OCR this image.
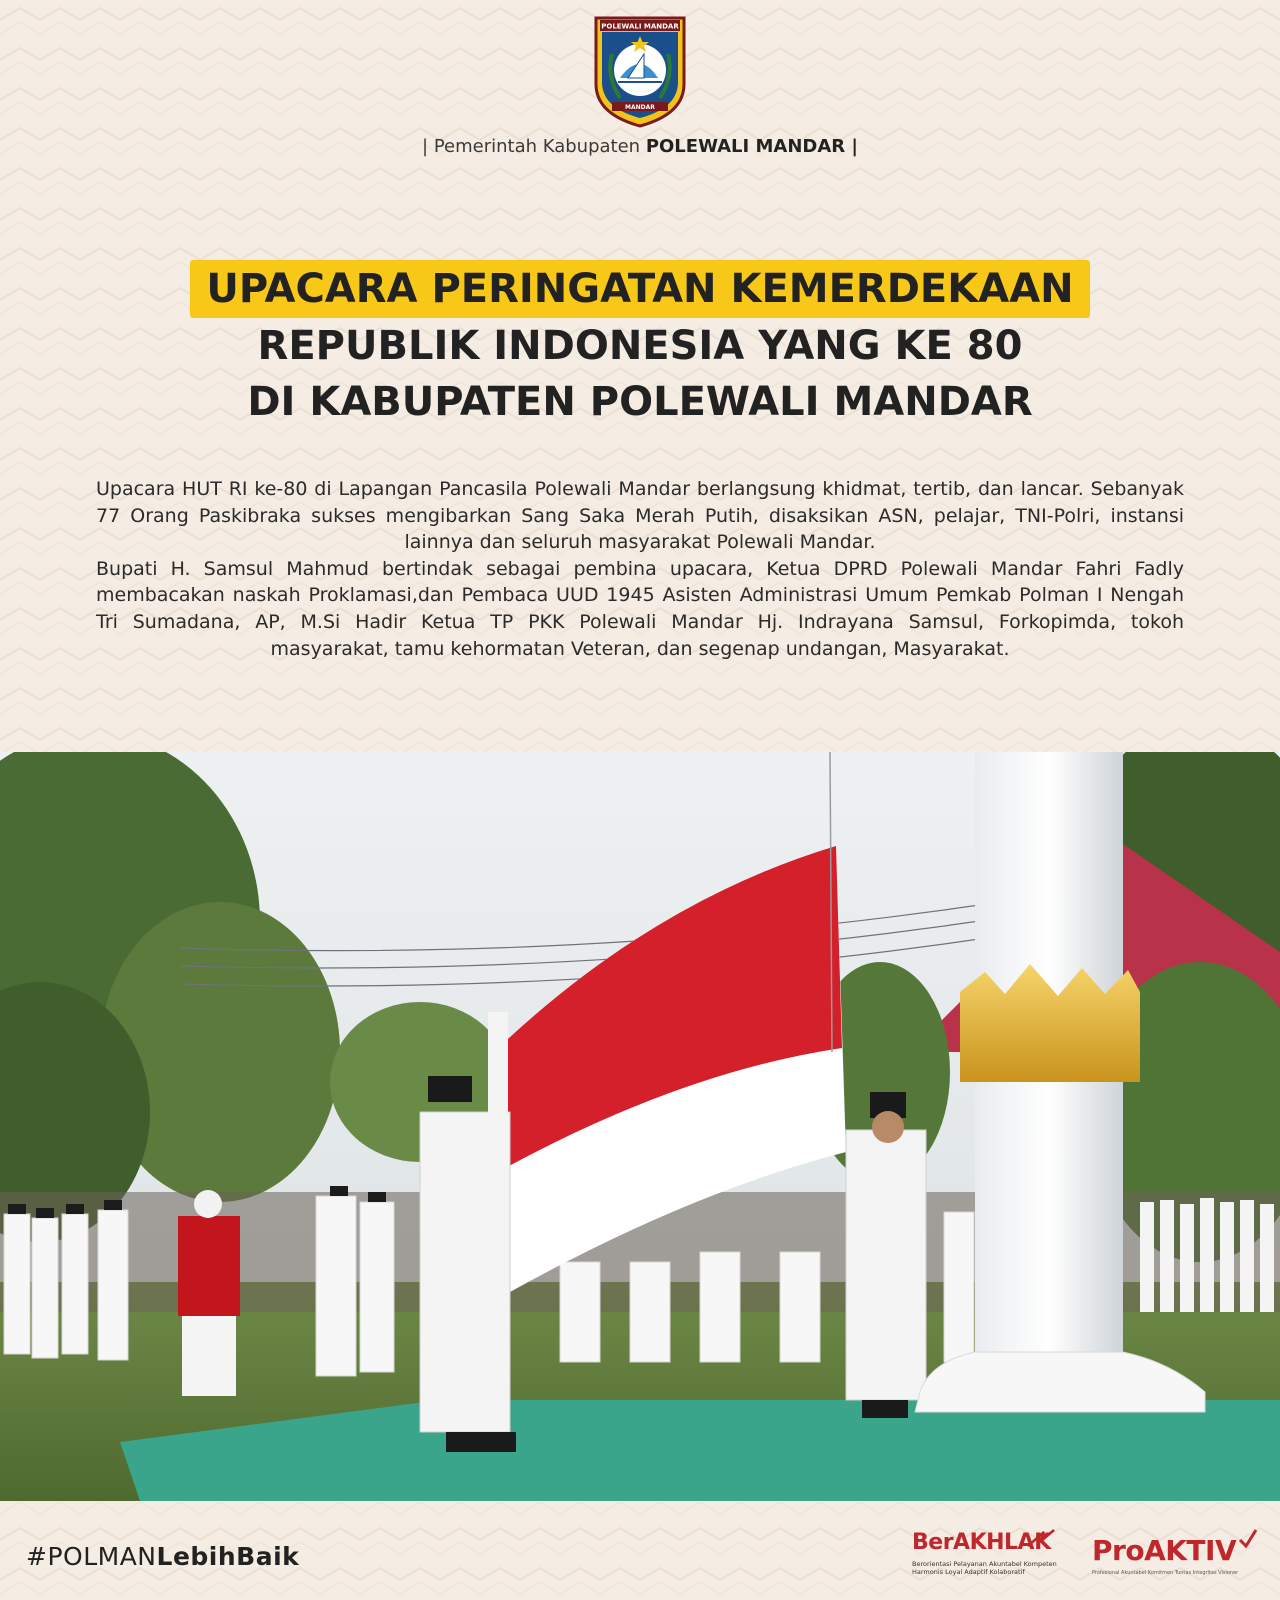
POLEWALI MANDAR
MANDAR
| Pemerintah Kabupaten POLEWALI MANDAR |
UPACARA PERINGATAN KEMERDEKAAN
REPUBLIK INDONESIA YANG KE 80
DI KABUPATEN POLEWALI MANDAR

Upacara HUT RI ke-80 di Lapangan Pancasila Polewali Mandar berlangsung khidmat, tertib, dan lancar. Sebanyak 77 Orang Paskibraka sukses mengibarkan Sang Saka Merah Putih, disaksikan ASN, pelajar, TNI-Polri, instansi lainnya dan seluruh masyarakat Polewali Mandar.

Bupati H. Samsul Mahmud bertindak sebagai pembina upacara, Ketua DPRD Polewali Mandar Fahri Fadly membacakan naskah Proklamasi,dan Pembaca UUD 1945 Asisten Administrasi Umum Pemkab Polman I Nengah Tri Sumadana, AP, M.Si Hadir Ketua TP PKK Polewali Mandar Hj. Indrayana Samsul, Forkopimda, tokoh masyarakat, tamu kehormatan Veteran, dan segenap undangan, Masyarakat.

#POLMANLebihBaik	BerAKHLAK
Berorientasi Pelayanan Akuntabel Kompeten Harmonis Loyal Adaptif Kolaboratif
ProAKTIV
Profesional Akuntabel Komitmen Tuntas Integritas Visioner
